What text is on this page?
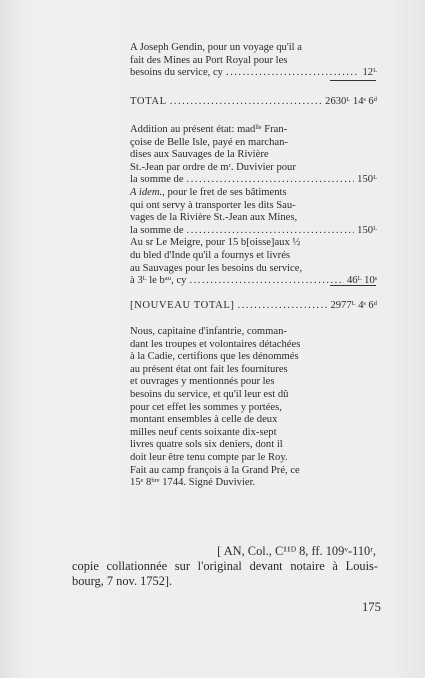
A Joseph Gendin, pour un voyage qu'il a
fait des Mines au Port Royal pour les
besoins du service, cy .....	12ᴸ
TOTAL .....	2630ᴸ 14ˢ 6ᵈ
Addition au présent état: madˡˡᵉ Fran-
çoise de Belle Isle, payé en marchan-
dises aux Sauvages de la Rivière
St.-Jean par ordre de mʳ. Duvivier pour
la somme de .....	150ᴸ
A idem., pour le fret de ses bâtiments
qui ont servy à transporter les dits Sau-
vages de la Rivière St.-Jean aux Mines,
la somme de .....	150ᴸ
Au sr Le Meigre, pour 15 b[oisse]aux ½
du bled d'Inde qu'il a fournys et livrés
au Sauvages pour les besoins du service,
à 3ᴸ le bᵃᵘ, cy .....	46ᴸ 10ˢ
[NOUVEAU TOTAL] .....	2977ᴸ 4ˢ 6ᵈ
Nous, capitaine d'infantrie, comman-
dant les troupes et volontaires détachées
à la Cadie, certifions que les dénommés
au présent état ont fait les fournitures
et ouvrages y mentionnés pour les
besoins du service, et qu'il leur est dû
pour cet effet les sommes y portées,
montant ensembles à celle de deux
milles neuf cents soixante dix-sept
livres quatre sols six deniers, dont il
doit leur être tenu compte par le Roy.
Fait au camp françois à la Grand Pré, ce
15ᵉ 8ᵇʳᵉ 1744. Signé Duvivier.
[ AN, Col., C¹¹ᴰ 8, ff. 109ᵛ-110ʳ,
copie collationnée sur l'original devant notaire à Louis-
bourg, 7 nov. 1752].
175
